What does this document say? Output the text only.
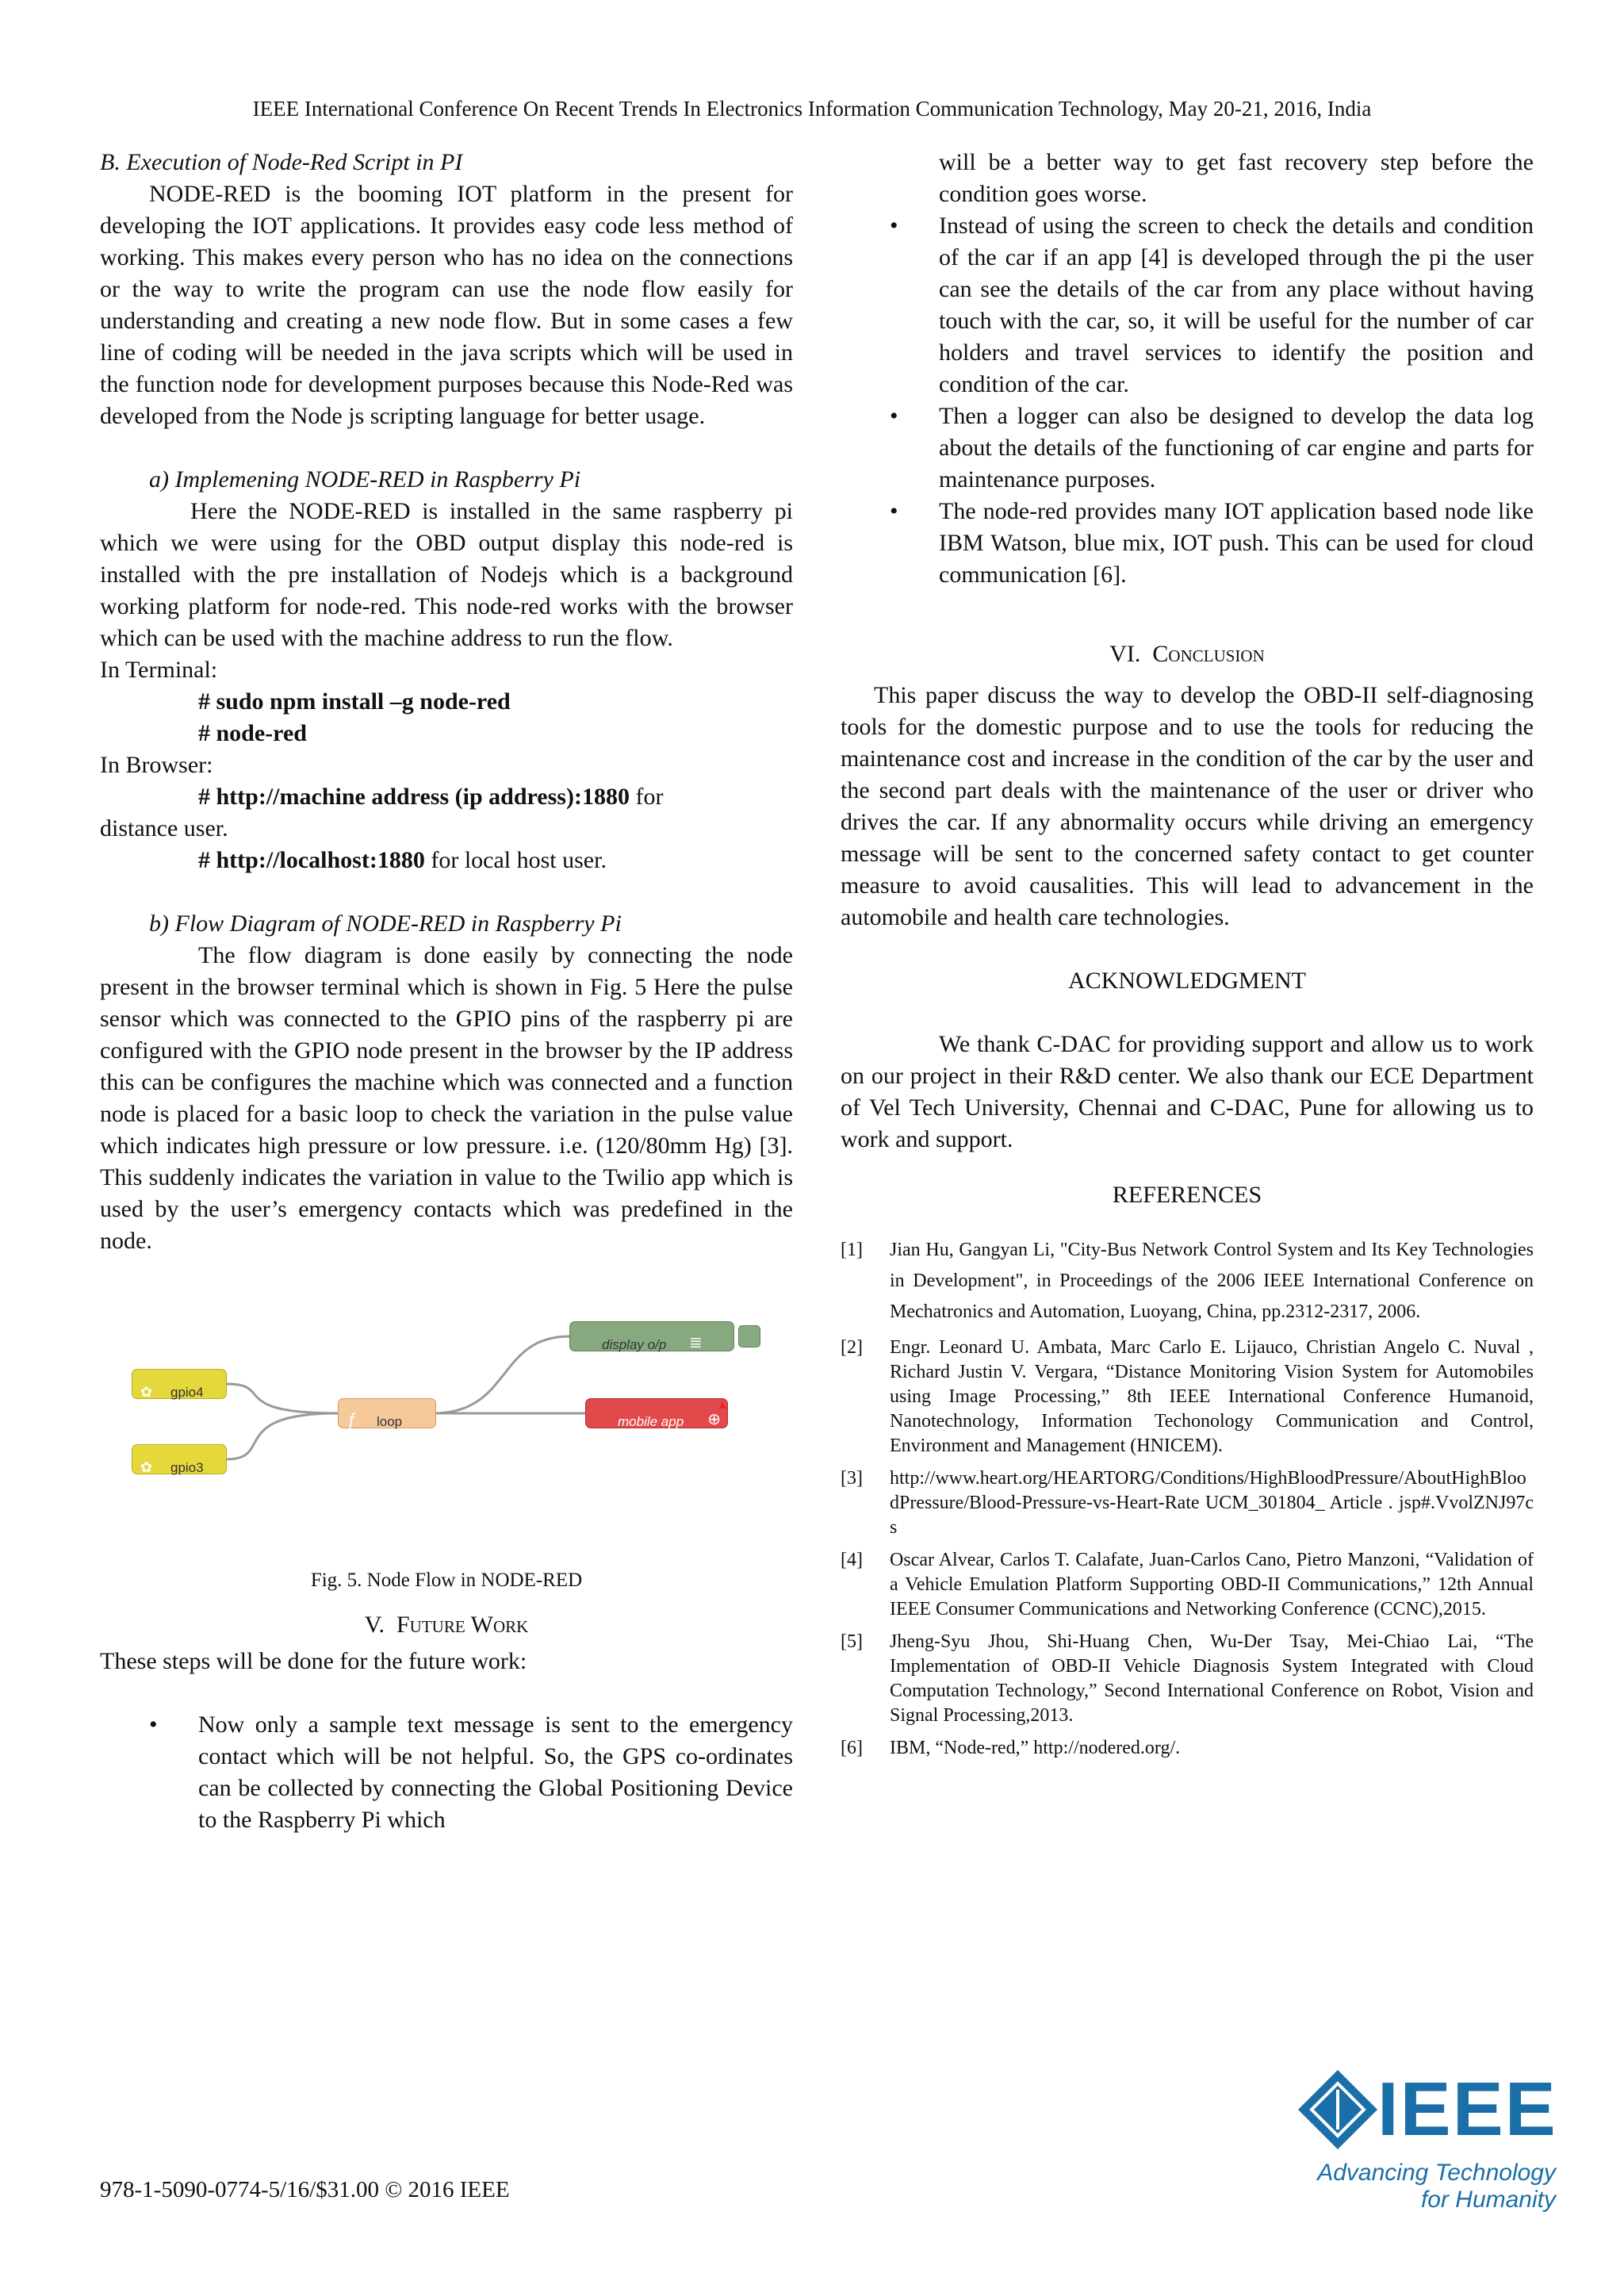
IEEE International Conference On Recent Trends In Electronics Information Communication Technology, May 20-21, 2016, India

B. Execution of Node-Red Script in PI

NODE-RED is the booming IOT platform in the present for developing the IOT applications. It provides easy code less method of working. This makes every person who has no idea on the connections or the way to write the program can use the node flow easily for understanding and creating a new node flow. But in some cases a few line of coding will be needed in the java scripts which will be used in the function node for development purposes because this Node-Red was developed from the Node js scripting language for better usage.

a) Implemening NODE-RED in Raspberry Pi

Here the NODE-RED is installed in the same raspberry pi which we were using for the OBD output display this node-red is installed with the pre installation of Nodejs which is a background working platform for node-red. This node-red works with the browser which can be used with the machine address to run the flow.

In Terminal:

# sudo npm install –g node-red

# node-red

In Browser:

# http://machine address (ip address):1880 for

distance user.

# http://localhost:1880 for local host user.

b) Flow Diagram of NODE-RED in Raspberry Pi

The flow diagram is done easily by connecting the node present in the browser terminal which is shown in Fig. 5 Here the pulse sensor which was connected to the GPIO pins of the raspberry pi are configured with the GPIO node present in the browser by the IP address this can be configures the machine which was connected and a function node is placed for a basic loop to check the variation in the pulse value which indicates high pressure or low pressure. i.e. (120/80mm Hg) [3]. This suddenly indicates the variation in value to the Twilio app which is used by the user’s emergency contacts which was predefined in the node.

✿ gpio4
✿ gpio3
ƒ loop
display o/p ≣
mobile app ⊕
▲

Fig. 5. Node Flow in NODE-RED

V. Future Work

These steps will be done for the future work:

• Now only a sample text message is sent to the emergency contact which will be not helpful. So, the GPS co-ordinates can be collected by connecting the Global Positioning Device to the Raspberry Pi which

will be a better way to get fast recovery step before the condition goes worse.

• Instead of using the screen to check the details and condition of the car if an app [4] is developed through the pi the user can see the details of the car from any place without having touch with the car, so, it will be useful for the number of car holders and travel services to identify the position and condition of the car.
• Then a logger can also be designed to develop the data log about the details of the functioning of car engine and parts for maintenance purposes.
• The node-red provides many IOT application based node like IBM Watson, blue mix, IOT push. This can be used for cloud communication [6].

VI. Conclusion

This paper discuss the way to develop the OBD-II self-diagnosing tools for the domestic purpose and to use the tools for reducing the maintenance cost and increase in the condition of the car by the user and the second part deals with the maintenance of the user or driver who drives the car. If any abnormality occurs while driving an emergency message will be sent to the concerned safety contact to get counter measure to avoid causalities. This will lead to advancement in the automobile and health care technologies.

ACKNOWLEDGMENT

We thank C-DAC for providing support and allow us to work on our project in their R&D center. We also thank our ECE Department of Vel Tech University, Chennai and C-DAC, Pune for allowing us to work and support.

REFERENCES

[1] Jian Hu, Gangyan Li, "City-Bus Network Control System and Its Key Technologies in Development", in Proceedings of the 2006 IEEE International Conference on Mechatronics and Automation, Luoyang, China, pp.2312-2317, 2006.
[2] Engr. Leonard U. Ambata, Marc Carlo E. Lijauco, Christian Angelo C. Nuval , Richard Justin V. Vergara, “Distance Monitoring Vision System for Automobiles using Image Processing,” 8th IEEE International Conference Humanoid, Nanotechnology, Information Techonology Communication and Control, Environment and Management (HNICEM).
[3] http://www.heart.org/HEARTORG/Conditions/HighBloodPressure/AboutHighBloodPressure/Blood-Pressure-vs-Heart-Rate UCM_301804_ Article . jsp#.VvolZNJ97cs
[4] Oscar Alvear, Carlos T. Calafate, Juan-Carlos Cano, Pietro Manzoni, “Validation of a Vehicle Emulation Platform Supporting OBD-II Communications,” 12th Annual IEEE Consumer Communications and Networking Conference (CCNC),2015.
[5] Jheng-Syu Jhou, Shi-Huang Chen, Wu-Der Tsay, Mei-Chiao Lai, “The Implementation of OBD-II Vehicle Diagnosis System Integrated with Cloud Computation Technology,” Second International Conference on Robot, Vision and Signal Processing,2013.
[6] IBM, “Node-red,” http://nodered.org/.
978-1-5090-0774-5/16/$31.00 © 2016 IEEE
IEEE
Advancing Technology
for Humanity
